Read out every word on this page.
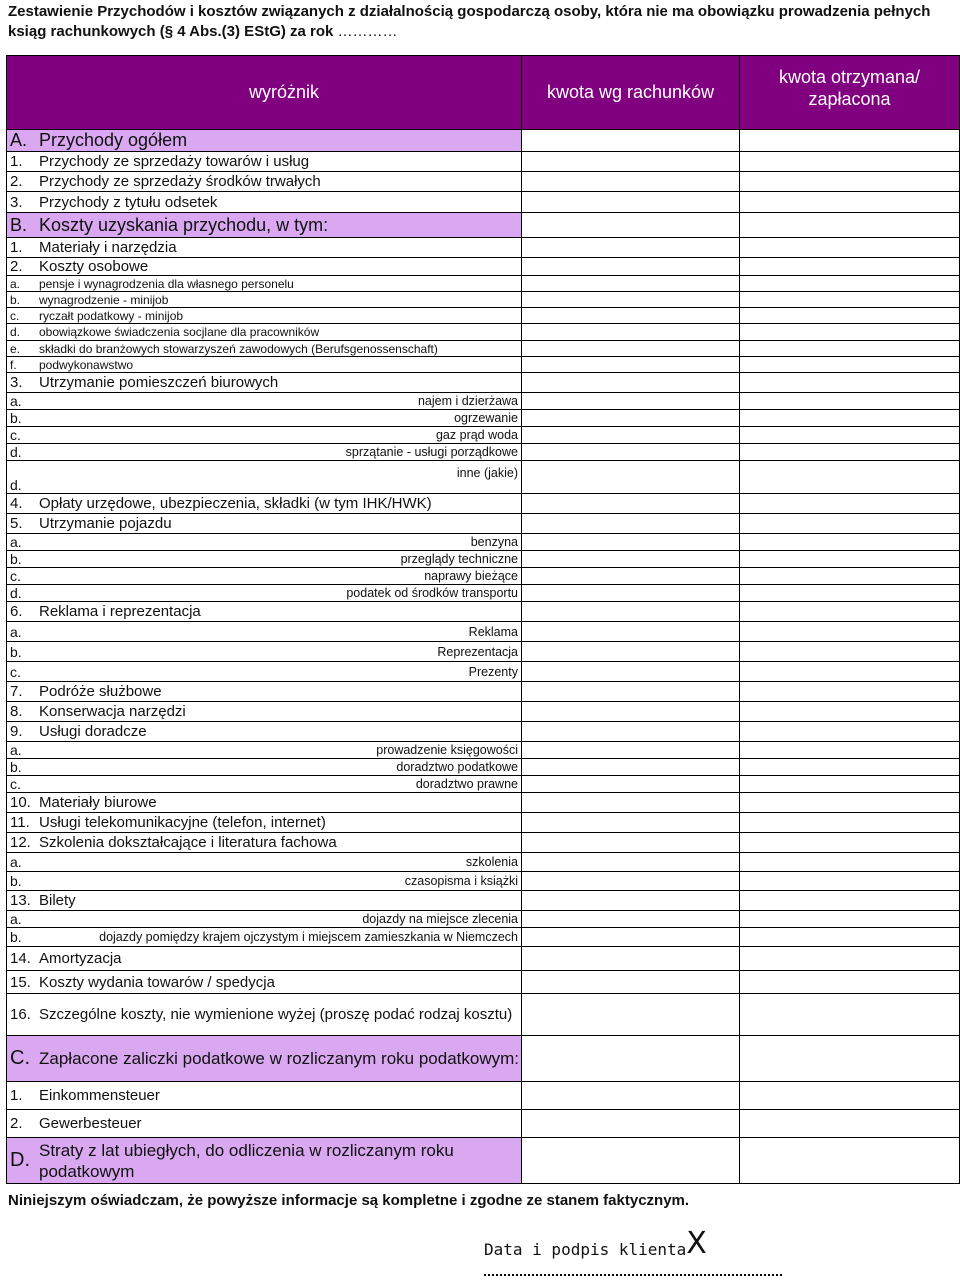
Zestawienie Przychodów i kosztów związanych z działalnością gospodarczą osoby, która nie ma obowiązku prowadzenia pełnych ksiąg rachunkowych (§ 4 Abs.(3) EStG) za rok …………
wyróżnik	kwota wg rachunków	kwota otrzymana/ zapłacona

A. Przychody ogółem		

1. Przychody ze sprzedaży towarów i usług		

2. Przychody ze sprzedaży środków trwałych		

3. Przychody z tytułu odsetek		

B. Koszty uzyskania przychodu, w tym:		

1. Materiały i narzędzia		

2. Koszty osobowe		

a. pensje i wynagrodzenia dla własnego personelu		

b. wynagrodzenie - minijob		

c. ryczałt podatkowy - minijob		

d. obowiązkowe świadczenia socjlane dla pracowników		

e. składki do branżowych stowarzyszeń zawodowych (Berufsgenossenschaft)		

f. podwykonawstwo		

3. Utrzymanie pomieszczeń biurowych		

a. najem i dzierżawa		

b. ogrzewanie		

c. gaz prąd woda		

d. sprzątanie - usługi porządkowe		

d.
inne (jakie)		

4. Opłaty urzędowe, ubezpieczenia, składki (w tym IHK/HWK)		

5. Utrzymanie pojazdu		

a. benzyna		

b. przeglądy techniczne		

c. naprawy bieżące		

d. podatek od środków transportu		

6. Reklama i reprezentacja		

a. Reklama		

b. Reprezentacja		

c. Prezenty		

7. Podróże służbowe		

8. Konserwacja narzędzi		

9. Usługi doradcze		

a. prowadzenie księgowości		

b. doradztwo podatkowe		

c. doradztwo prawne		

10. Materiały biurowe		

11. Usługi telekomunikacyjne (telefon, internet)		

12. Szkolenia dokształcające i literatura fachowa		

a. szkolenia		

b. czasopisma i książki		

13. Bilety		

a. dojazdy na miejsce zlecenia		

b. dojazdy pomiędzy krajem ojczystym i miejscem zamieszkania w Niemczech		

14. Amortyzacja		

15. Koszty wydania towarów / spedycja		

16. Szczególne koszty, nie wymienione wyżej (proszę podać rodzaj kosztu)		

C. Zapłacone zaliczki podatkowe w rozliczanym roku podatkowym:		

1. Einkommensteuer		

2. Gewerbesteuer		

D. Straty z lat ubiegłych, do odliczenia w rozliczanym roku podatkowym		

Niniejszym oświadczam, że powyższe informacje są kompletne i zgodne ze stanem faktycznym.
Data i podpis klientaX
